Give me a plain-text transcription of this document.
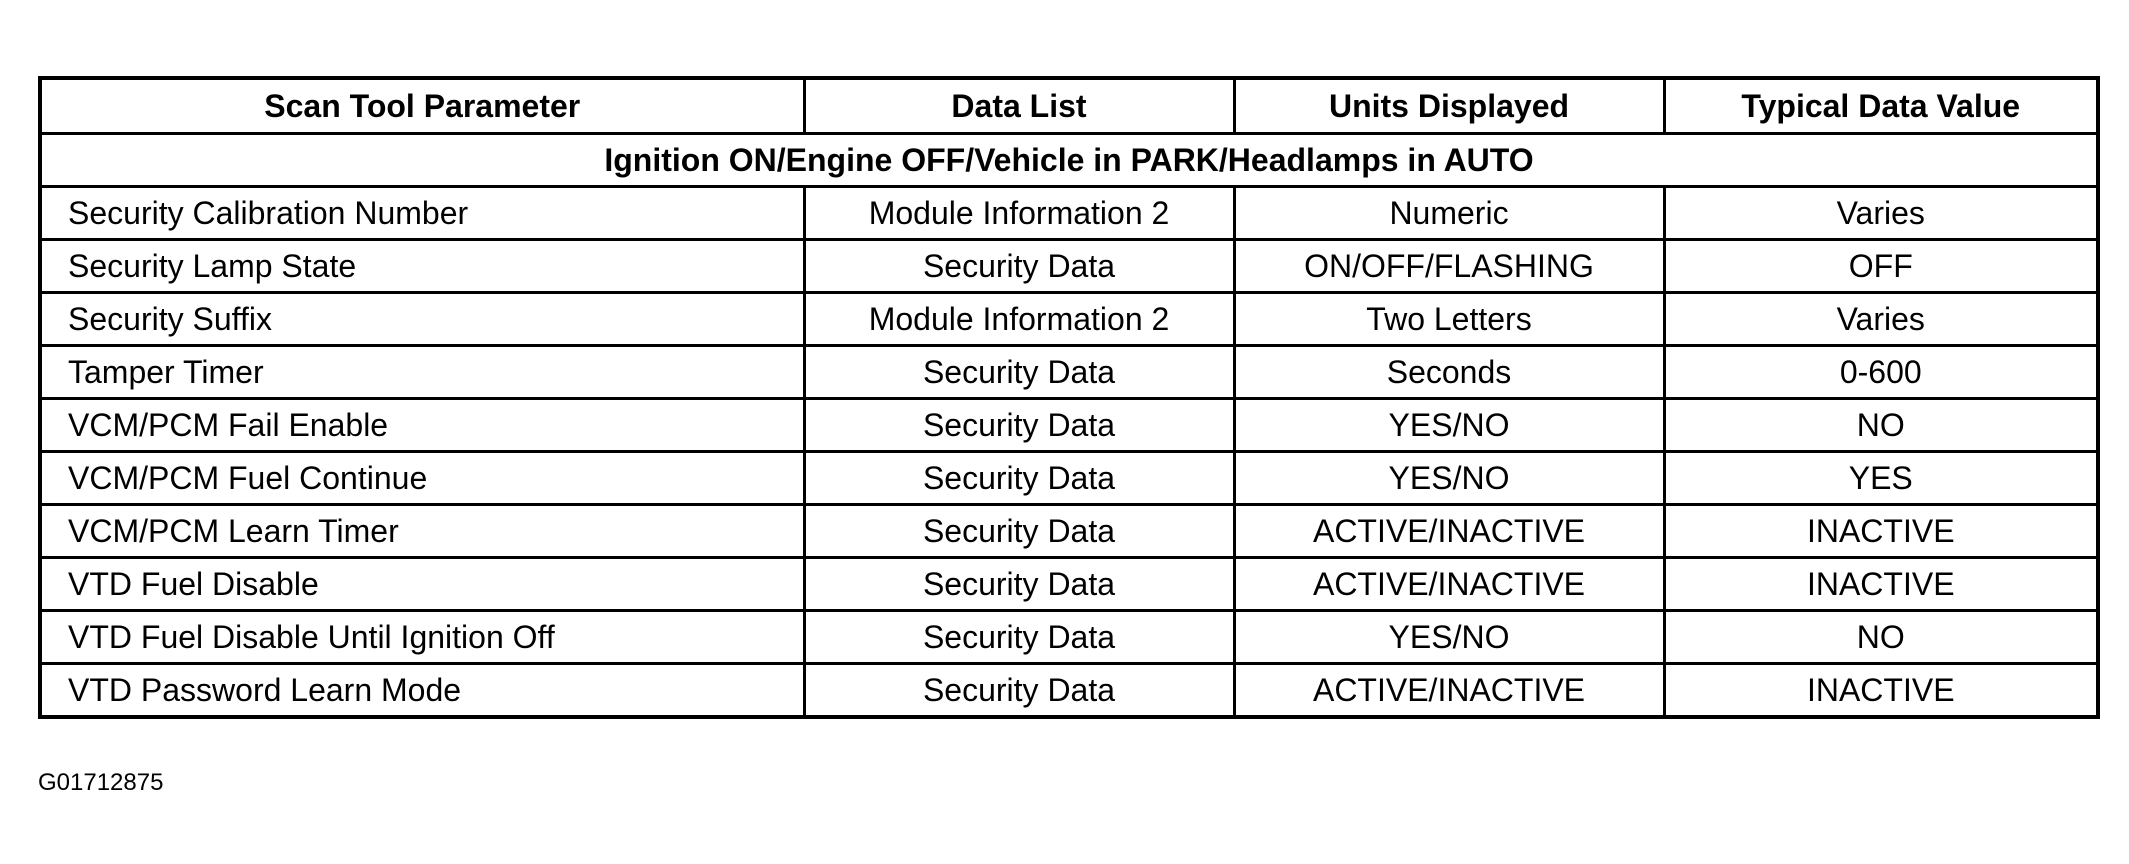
Scan Tool Parameter	Data List	Units Displayed	Typical Data Value
Ignition ON/Engine OFF/Vehicle in PARK/Headlamps in AUTO			
Security Calibration Number	Module Information 2	Numeric	Varies
Security Lamp State	Security Data	ON/OFF/FLASHING	OFF
Security Suffix	Module Information 2	Two Letters	Varies
Tamper Timer	Security Data	Seconds	0-600
VCM/PCM Fail Enable	Security Data	YES/NO	NO
VCM/PCM Fuel Continue	Security Data	YES/NO	YES
VCM/PCM Learn Timer	Security Data	ACTIVE/INACTIVE	INACTIVE
VTD Fuel Disable	Security Data	ACTIVE/INACTIVE	INACTIVE
VTD Fuel Disable Until Ignition Off	Security Data	YES/NO	NO
VTD Password Learn Mode	Security Data	ACTIVE/INACTIVE	INACTIVE
G01712875
